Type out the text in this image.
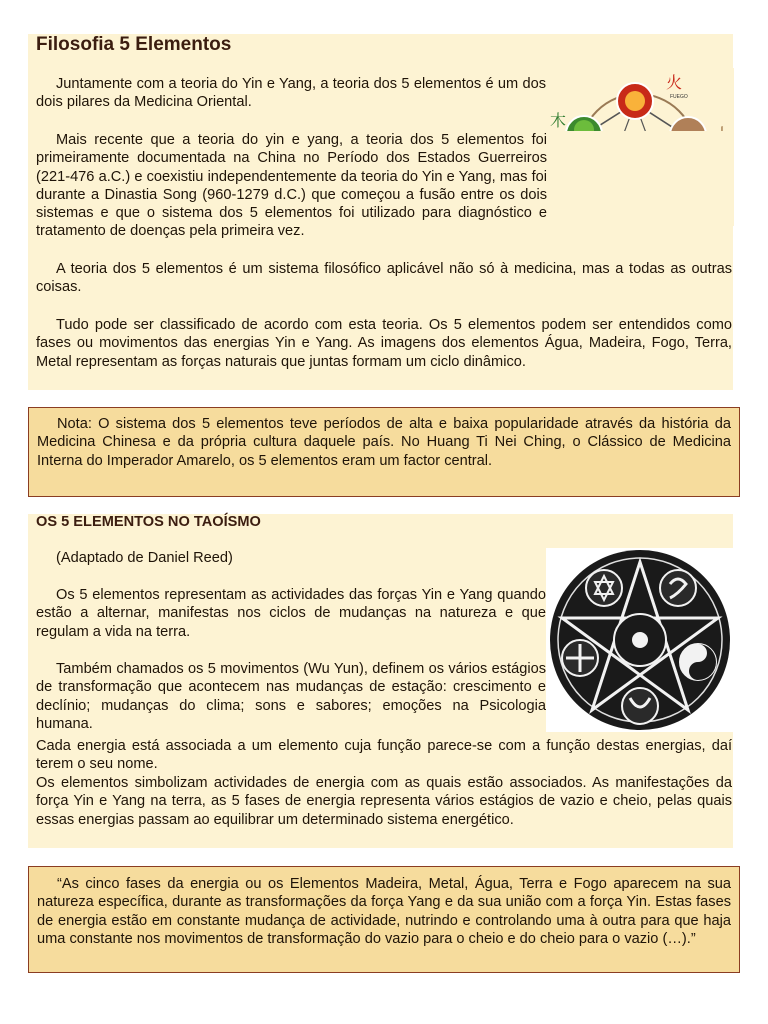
Filosofia 5 Elementos
火
FUEGO
木

Juntamente com a teoria do Yin e Yang, a teoria dos 5 elementos é um dos dois pilares da Medicina Oriental.

Mais recente que a teoria do yin e yang, a teoria dos 5 elementos foi primeiramente documentada na China no Período dos Estados Guerreiros (221-476 a.C.) e coexistiu independentemente da teoria do Yin e Yang, mas foi durante a Dinastia Song (960-1279 d.C.) que começou a fusão entre os dois sistemas e que o sistema dos 5 elementos foi utilizado para diagnóstico e tratamento de doenças pela primeira vez.

A teoria dos 5 elementos é um sistema filosófico aplicável não só à medicina, mas a todas as outras coisas.

Tudo pode ser classificado de acordo com esta teoria. Os 5 elementos podem ser entendidos como fases ou movimentos das energias Yin e Yang. As imagens dos elementos Água, Madeira, Fogo, Terra, Metal representam as forças naturais que juntas formam um ciclo dinâmico.

Nota: O sistema dos 5 elementos teve períodos de alta e baixa popularidade através da história da Medicina Chinesa e da própria cultura daquele país. No Huang Ti Nei Ching, o Clássico de Medicina Interna do Imperador Amarelo, os 5 elementos eram um factor central.

OS 5 ELEMENTOS NO TAOÍSMO

(Adaptado de Daniel Reed)

Os 5 elementos representam as actividades das forças Yin e Yang quando estão a alternar, manifestas nos ciclos de mudanças na natureza e que regulam a vida na terra.

Também chamados os 5 movimentos (Wu Yun), definem os vários estágios de transformação que acontecem nas mudanças de estação: crescimento e declínio; mudanças do clima; sons e sabores; emoções na Psicologia humana.

Cada energia está associada a um elemento cuja função parece-se com a função destas energias, daí terem o seu nome.

Os elementos simbolizam actividades de energia com as quais estão associados. As manifestações da força Yin e Yang na terra, as 5 fases de energia representa vários estágios de vazio e cheio, pelas quais essas energias passam ao equilibrar um determinado sistema energético.

“As cinco fases da energia ou os Elementos Madeira, Metal, Água, Terra e Fogo aparecem na sua natureza específica, durante as transformações da força Yang e da sua união com a força Yin. Estas fases de energia estão em constante mudança de actividade, nutrindo e controlando uma à outra para que haja uma constante nos movimentos de transformação do vazio para o cheio e do cheio para o vazio (…).”
